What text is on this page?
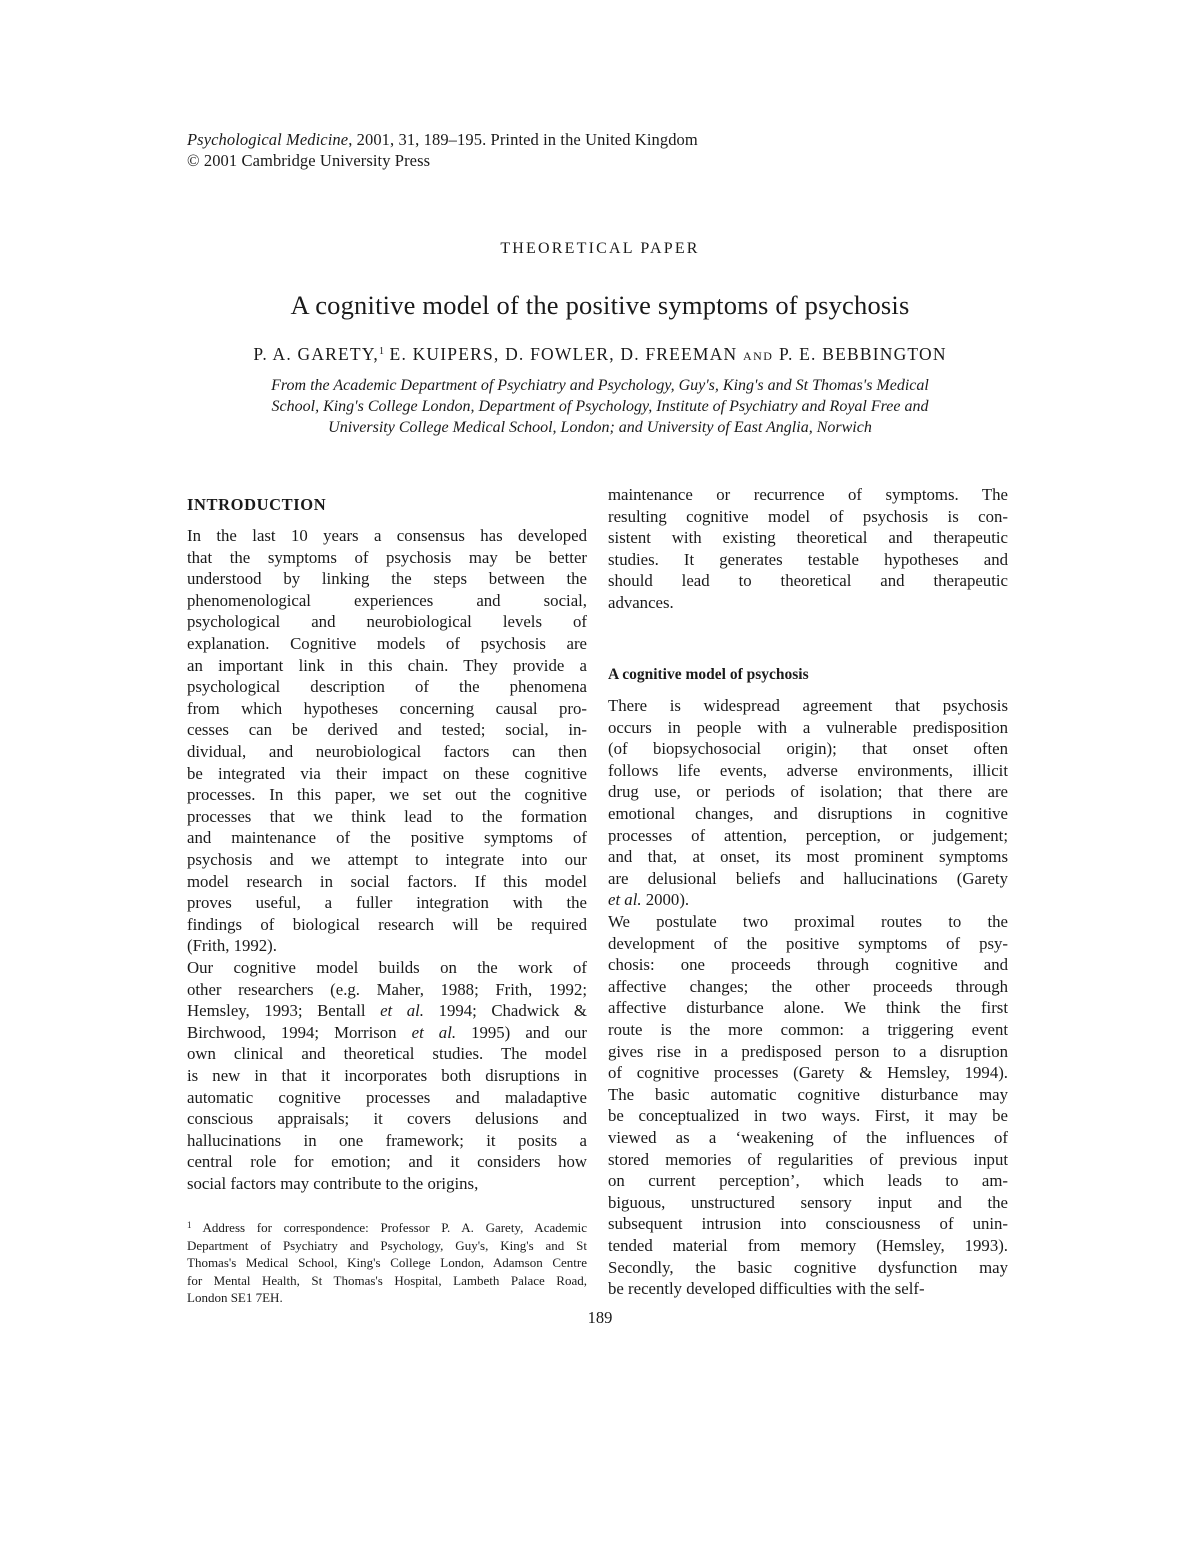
Psychological Medicine, 2001, 31, 189–195. Printed in the United Kingdom
© 2001 Cambridge University Press
THEORETICAL PAPER
A cognitive model of the positive symptoms of psychosis
P. A. GARETY,$^1$ E. KUIPERS, D. FOWLER, D. FREEMAN AND P. E. BEBBINGTON
From the Academic Department of Psychiatry and Psychology, Guy's, King's and St Thomas's Medical
School, King's College London, Department of Psychology, Institute of Psychiatry and Royal Free and
University College Medical School, London; and University of East Anglia, Norwich
INTRODUCTION
In the last 10 years a consensus has developed
that the symptoms of psychosis may be better
understood by linking the steps between the
phenomenological experiences and social,
psychological and neurobiological levels of
explanation. Cognitive models of psychosis are
an important link in this chain. They provide a
psychological description of the phenomena
from which hypotheses concerning causal pro-
cesses can be derived and tested; social, in-
dividual, and neurobiological factors can then
be integrated via their impact on these cognitive
processes. In this paper, we set out the cognitive
processes that we think lead to the formation
and maintenance of the positive symptoms of
psychosis and we attempt to integrate into our
model research in social factors. If this model
proves useful, a fuller integration with the
findings of biological research will be required
(Frith, 1992).
Our cognitive model builds on the work of
other researchers (e.g. Maher, 1988; Frith, 1992;
Hemsley, 1993; Bentall et al. 1994; Chadwick &
Birchwood, 1994; Morrison et al. 1995) and our
own clinical and theoretical studies. The model
is new in that it incorporates both disruptions in
automatic cognitive processes and maladaptive
conscious appraisals; it covers delusions and
hallucinations in one framework; it posits a
central role for emotion; and it considers how
social factors may contribute to the origins,
A cognitive model of psychosis
maintenance or recurrence of symptoms. The
resulting cognitive model of psychosis is con-
sistent with existing theoretical and therapeutic
studies. It generates testable hypotheses and
should lead to theoretical and therapeutic
advances.
There is widespread agreement that psychosis
occurs in people with a vulnerable predisposition
(of biopsychosocial origin); that onset often
follows life events, adverse environments, illicit
drug use, or periods of isolation; that there are
emotional changes, and disruptions in cognitive
processes of attention, perception, or judgement;
and that, at onset, its most prominent symptoms
are delusional beliefs and hallucinations (Garety
et al. 2000).
We postulate two proximal routes to the
development of the positive symptoms of psy-
chosis: one proceeds through cognitive and
affective changes; the other proceeds through
affective disturbance alone. We think the first
route is the more common: a triggering event
gives rise in a predisposed person to a disruption
of cognitive processes (Garety & Hemsley, 1994).
The basic automatic cognitive disturbance may
be conceptualized in two ways. First, it may be
viewed as a ‘weakening of the influences of
stored memories of regularities of previous input
on current perception’, which leads to am-
biguous, unstructured sensory input and the
subsequent intrusion into consciousness of unin-
tended material from memory (Hemsley, 1993).
Secondly, the basic cognitive dysfunction may
be recently developed difficulties with the self-
$^1$ Address for correspondence: Professor P. A. Garety, Academic
Department of Psychiatry and Psychology, Guy's, King's and St
Thomas's Medical School, King's College London, Adamson Centre
for Mental Health, St Thomas's Hospital, Lambeth Palace Road,
London SE1 7EH.
189
